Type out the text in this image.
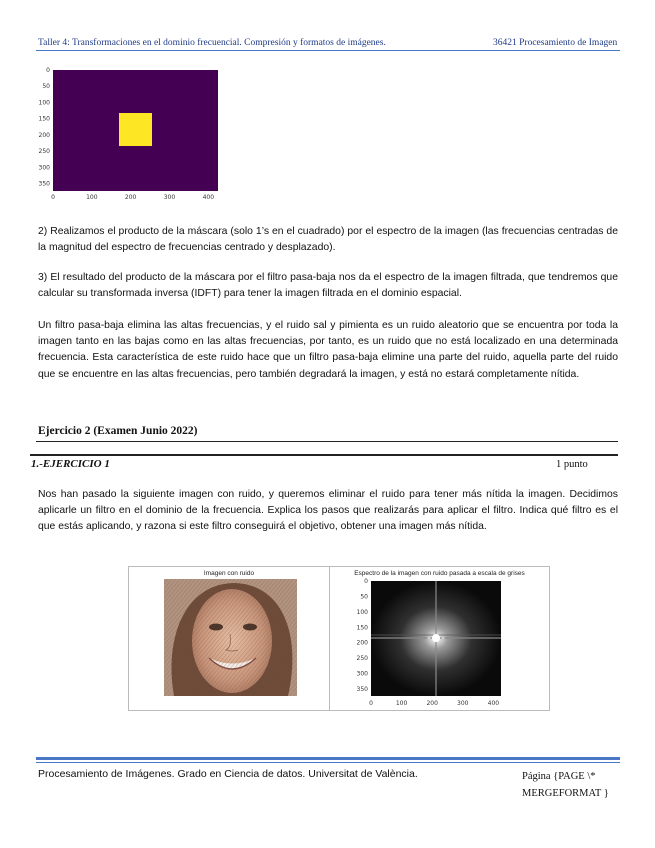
Taller 4: Transformaciones en el dominio frecuencial. Compresión y formatos de imágenes.	36421 Procesamiento de Imagen
0
50
100
150
200
250
300
350
0	100	200	300	400
2) Realizamos el producto de la máscara (solo 1’s en el cuadrado) por el espectro de la imagen (las frecuencias centradas de la magnitud del espectro de frecuencias centrado y desplazado).
3) El resultado del producto de la máscara por el filtro pasa-baja nos da el espectro de la imagen filtrada, que tendremos que calcular su transformada inversa (IDFT) para tener la imagen filtrada en el dominio espacial.
Un filtro pasa-baja elimina las altas frecuencias, y el ruido sal y pimienta es un ruido aleatorio que se encuentra por toda la imagen tanto en las bajas como en las altas frecuencias, por tanto, es un ruido que no está localizado en una determinada frecuencia. Esta característica de este ruido hace que un filtro pasa-baja elimine una parte del ruido, aquella parte del ruido que se encuentre en las altas frecuencias, pero también degradará la imagen, y está no estará completamente nítida.
Ejercicio 2 (Examen Junio 2022)
1.-EJERCICIO 1	1 punto
Nos han pasado la siguiente imagen con ruido, y queremos eliminar el ruido para tener más nítida la imagen. Decidimos aplicarle un filtro en el dominio de la frecuencia. Explica los pasos que realizarás para aplicar el filtro. Indica qué filtro es el que estás aplicando, y razona si este filtro conseguirá el objetivo, obtener una imagen más nítida.
Imagen con ruido	Espectro de la imagen con ruido pasada a escala de grises
0
50
100
150
200
250
300
350
0	100	200	300	400
Procesamiento de Imágenes. Grado en Ciencia de datos. Universitat de València.	Página {PAGE \* MERGEFORMAT }
